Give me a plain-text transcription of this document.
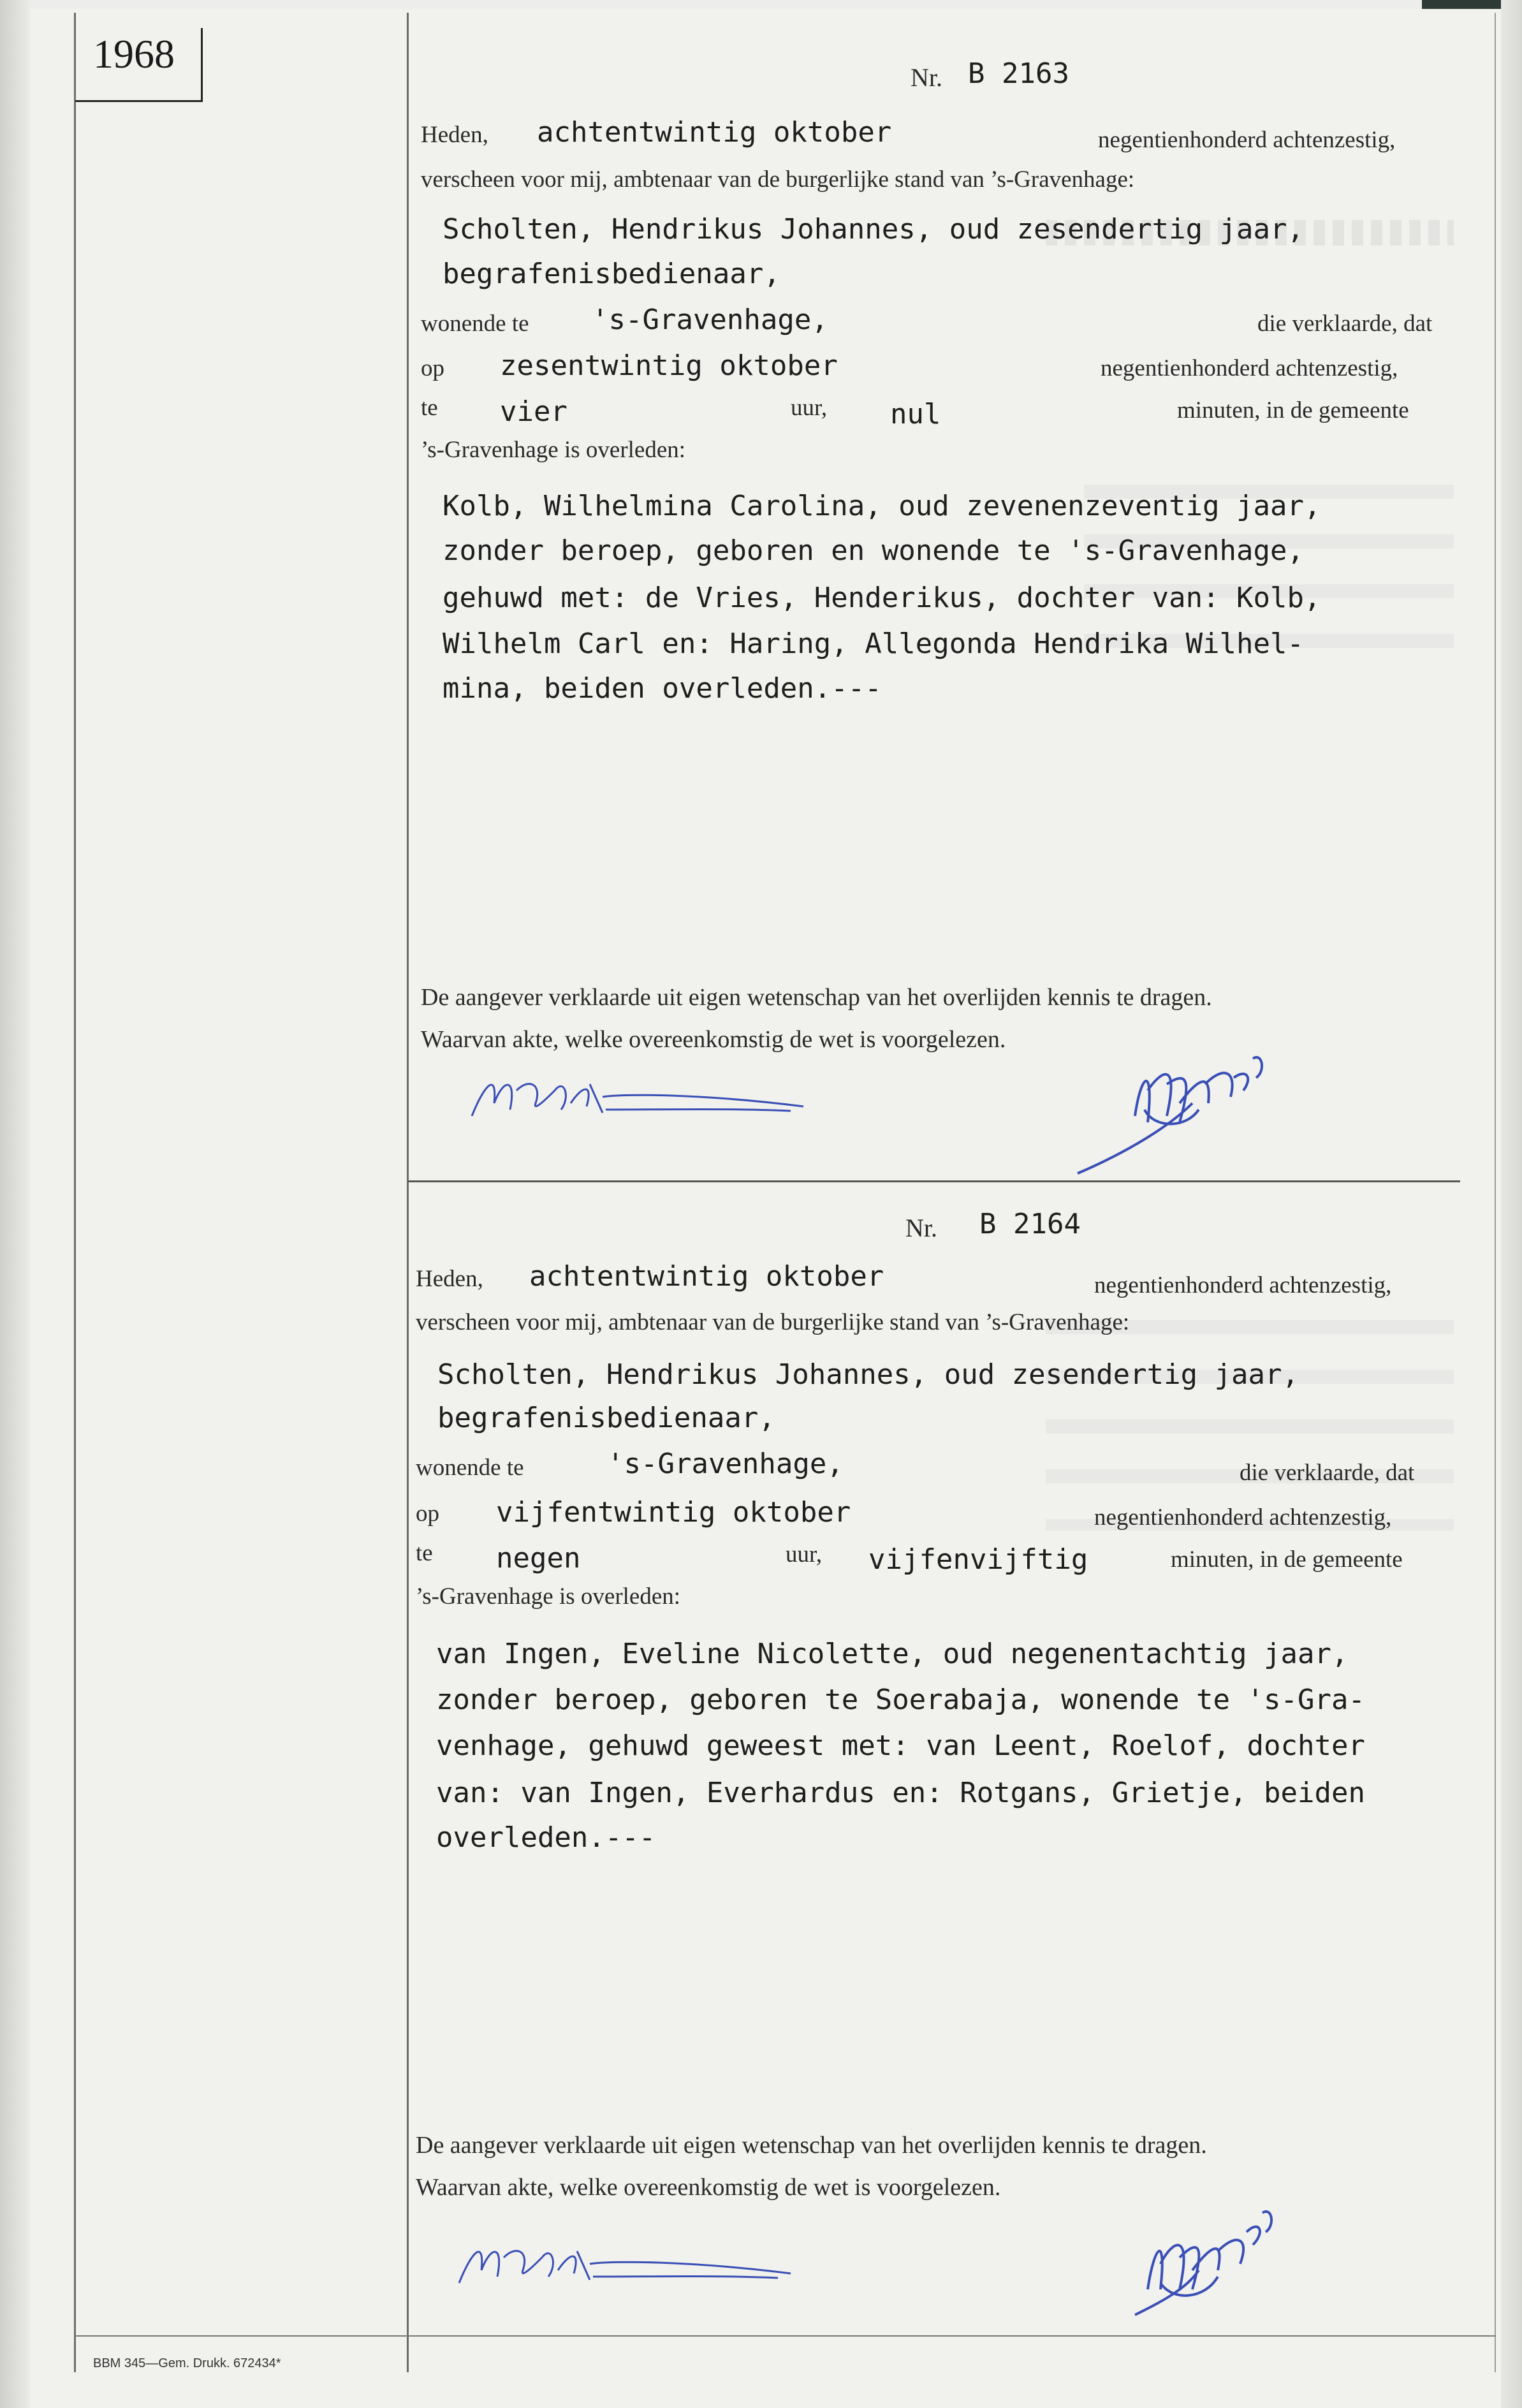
1968
Nr. B 2163
Heden, achtentwintig oktober	negentienhonderd achtenzestig,
verscheen voor mij, ambtenaar van de burgerlijke stand van ’s-Gravenhage:
Scholten, Hendrikus Johannes, oud zesendertig jaar,
begrafenisbedienaar,
wonende te 's-Gravenhage,	die verklaarde, dat
op zesentwintig oktober	negentienhonderd achtenzestig,
te vier	uur, nul	minuten, in de gemeente
’s-Gravenhage is overleden:
Kolb, Wilhelmina Carolina, oud zevenenzeventig jaar,
zonder beroep, geboren en wonende te 's-Gravenhage,
gehuwd met: de Vries, Henderikus, dochter van: Kolb,
Wilhelm Carl en: Haring, Allegonda Hendrika Wilhel-
mina, beiden overleden.---
De aangever verklaarde uit eigen wetenschap van het overlijden kennis te dragen.
Waarvan akte, welke overeenkomstig de wet is voorgelezen.
Nr. B 2164
Heden, achtentwintig oktober	negentienhonderd achtenzestig,
verscheen voor mij, ambtenaar van de burgerlijke stand van ’s-Gravenhage:
Scholten, Hendrikus Johannes, oud zesendertig jaar,
begrafenisbedienaar,
wonende te	's-Gravenhage,	die verklaarde, dat
op vijfentwintig oktober	negentienhonderd achtenzestig,
te negen	uur, vijfenvijftig	minuten, in de gemeente
’s-Gravenhage is overleden:
van Ingen, Eveline Nicolette, oud negenentachtig jaar,
zonder beroep, geboren te Soerabaja, wonende te 's-Gra-
venhage, gehuwd geweest met: van Leent, Roelof, dochter
van: van Ingen, Everhardus en: Rotgans, Grietje, beiden
overleden.---
De aangever verklaarde uit eigen wetenschap van het overlijden kennis te dragen.
Waarvan akte, welke overeenkomstig de wet is voorgelezen.
BBM 345—Gem. Drukk. 672434*
